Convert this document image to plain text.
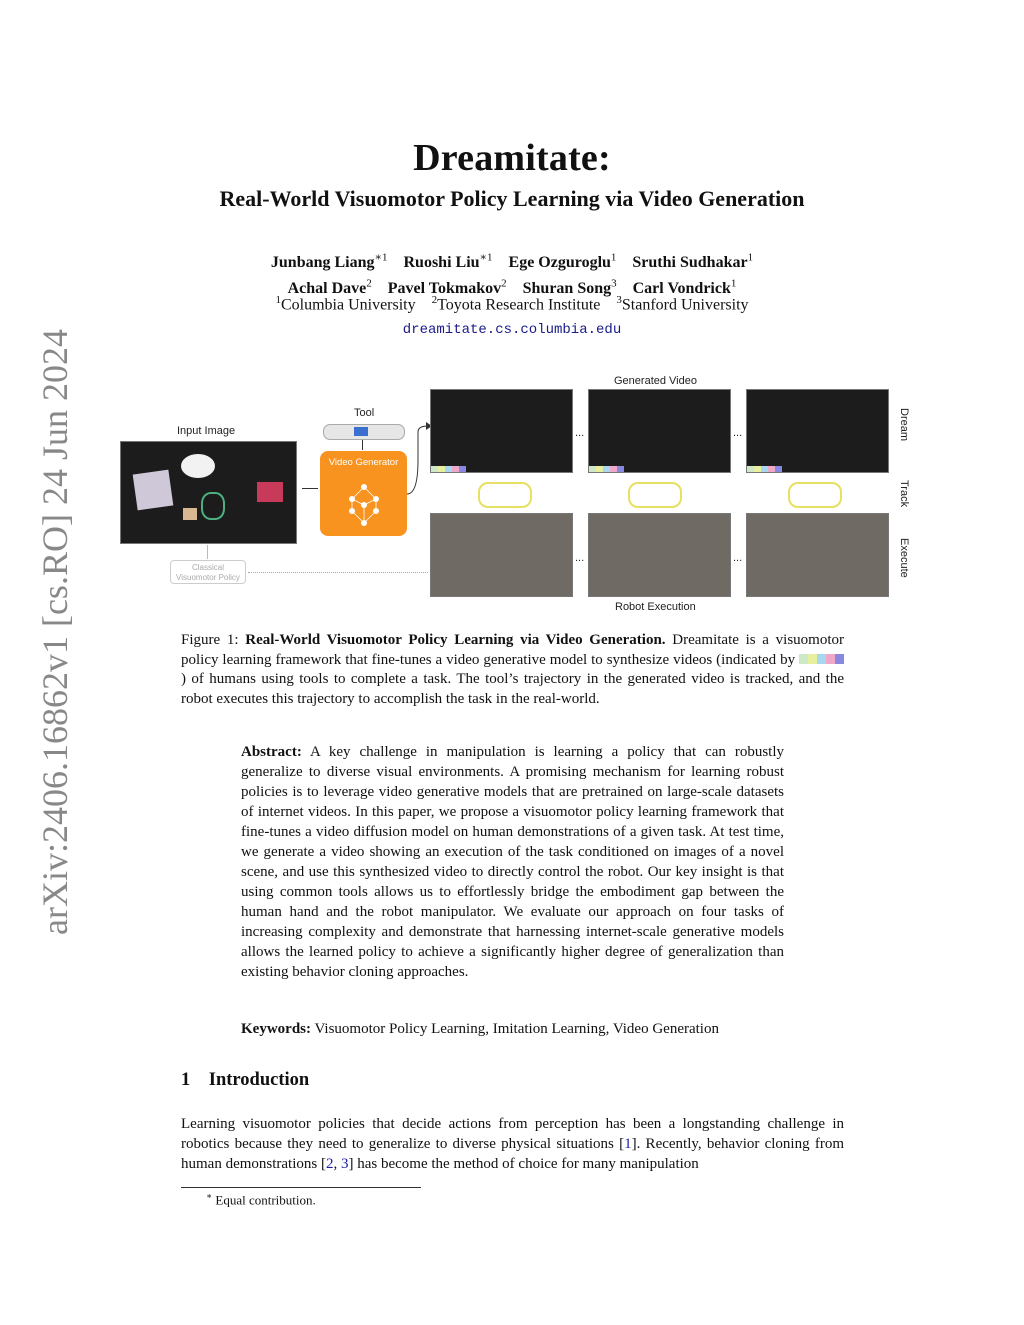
arXiv:2406.16862v1 [cs.RO] 24 Jun 2024
Dreamitate:
Real-World Visuomotor Policy Learning via Video Generation
Junbang Liang$^{∗1}$ Ruoshi Liu$^{∗1}$ Ege Ozguroglu$^1$ Sruthi Sudhakar$^1$
Achal Dave$^2$ Pavel Tokmakov$^2$ Shuran Song$^3$ Carl Vondrick$^1$
$^1$Columbia University $^2$Toyota Research Institute $^3$Stanford University
dreamitate.cs.columbia.edu
Input Image
Tool
Video Generator
Classical Visuomotor Policy
Generated Video
...	...
...	...
Robot Execution
Dream
Track
Execute
Figure 1: Real-World Visuomotor Policy Learning via Video Generation. Dreamitate is a visuomotor policy learning framework that fine-tunes a video generative model to synthesize videos (indicated by ) of humans using tools to complete a task. The tool’s trajectory in the generated video is tracked, and the robot executes this trajectory to accomplish the task in the real-world.
Abstract: A key challenge in manipulation is learning a policy that can robustly generalize to diverse visual environments. A promising mechanism for learning robust policies is to leverage video generative models that are pretrained on large-scale datasets of internet videos. In this paper, we propose a visuomotor policy learning framework that fine-tunes a video diffusion model on human demonstrations of a given task. At test time, we generate a video showing an execution of the task conditioned on images of a novel scene, and use this synthesized video to directly control the robot. Our key insight is that using common tools allows us to effortlessly bridge the embodiment gap between the human hand and the robot manipulator. We evaluate our approach on four tasks of increasing complexity and demonstrate that harnessing internet-scale generative models allows the learned policy to achieve a significantly higher degree of generalization than existing behavior cloning approaches.
Keywords: Visuomotor Policy Learning, Imitation Learning, Video Generation
1 Introduction
Learning visuomotor policies that decide actions from perception has been a longstanding challenge in robotics because they need to generalize to diverse physical situations [1]. Recently, behavior cloning from human demonstrations [2, 3] has become the method of choice for many manipulation
∗ Equal contribution.
